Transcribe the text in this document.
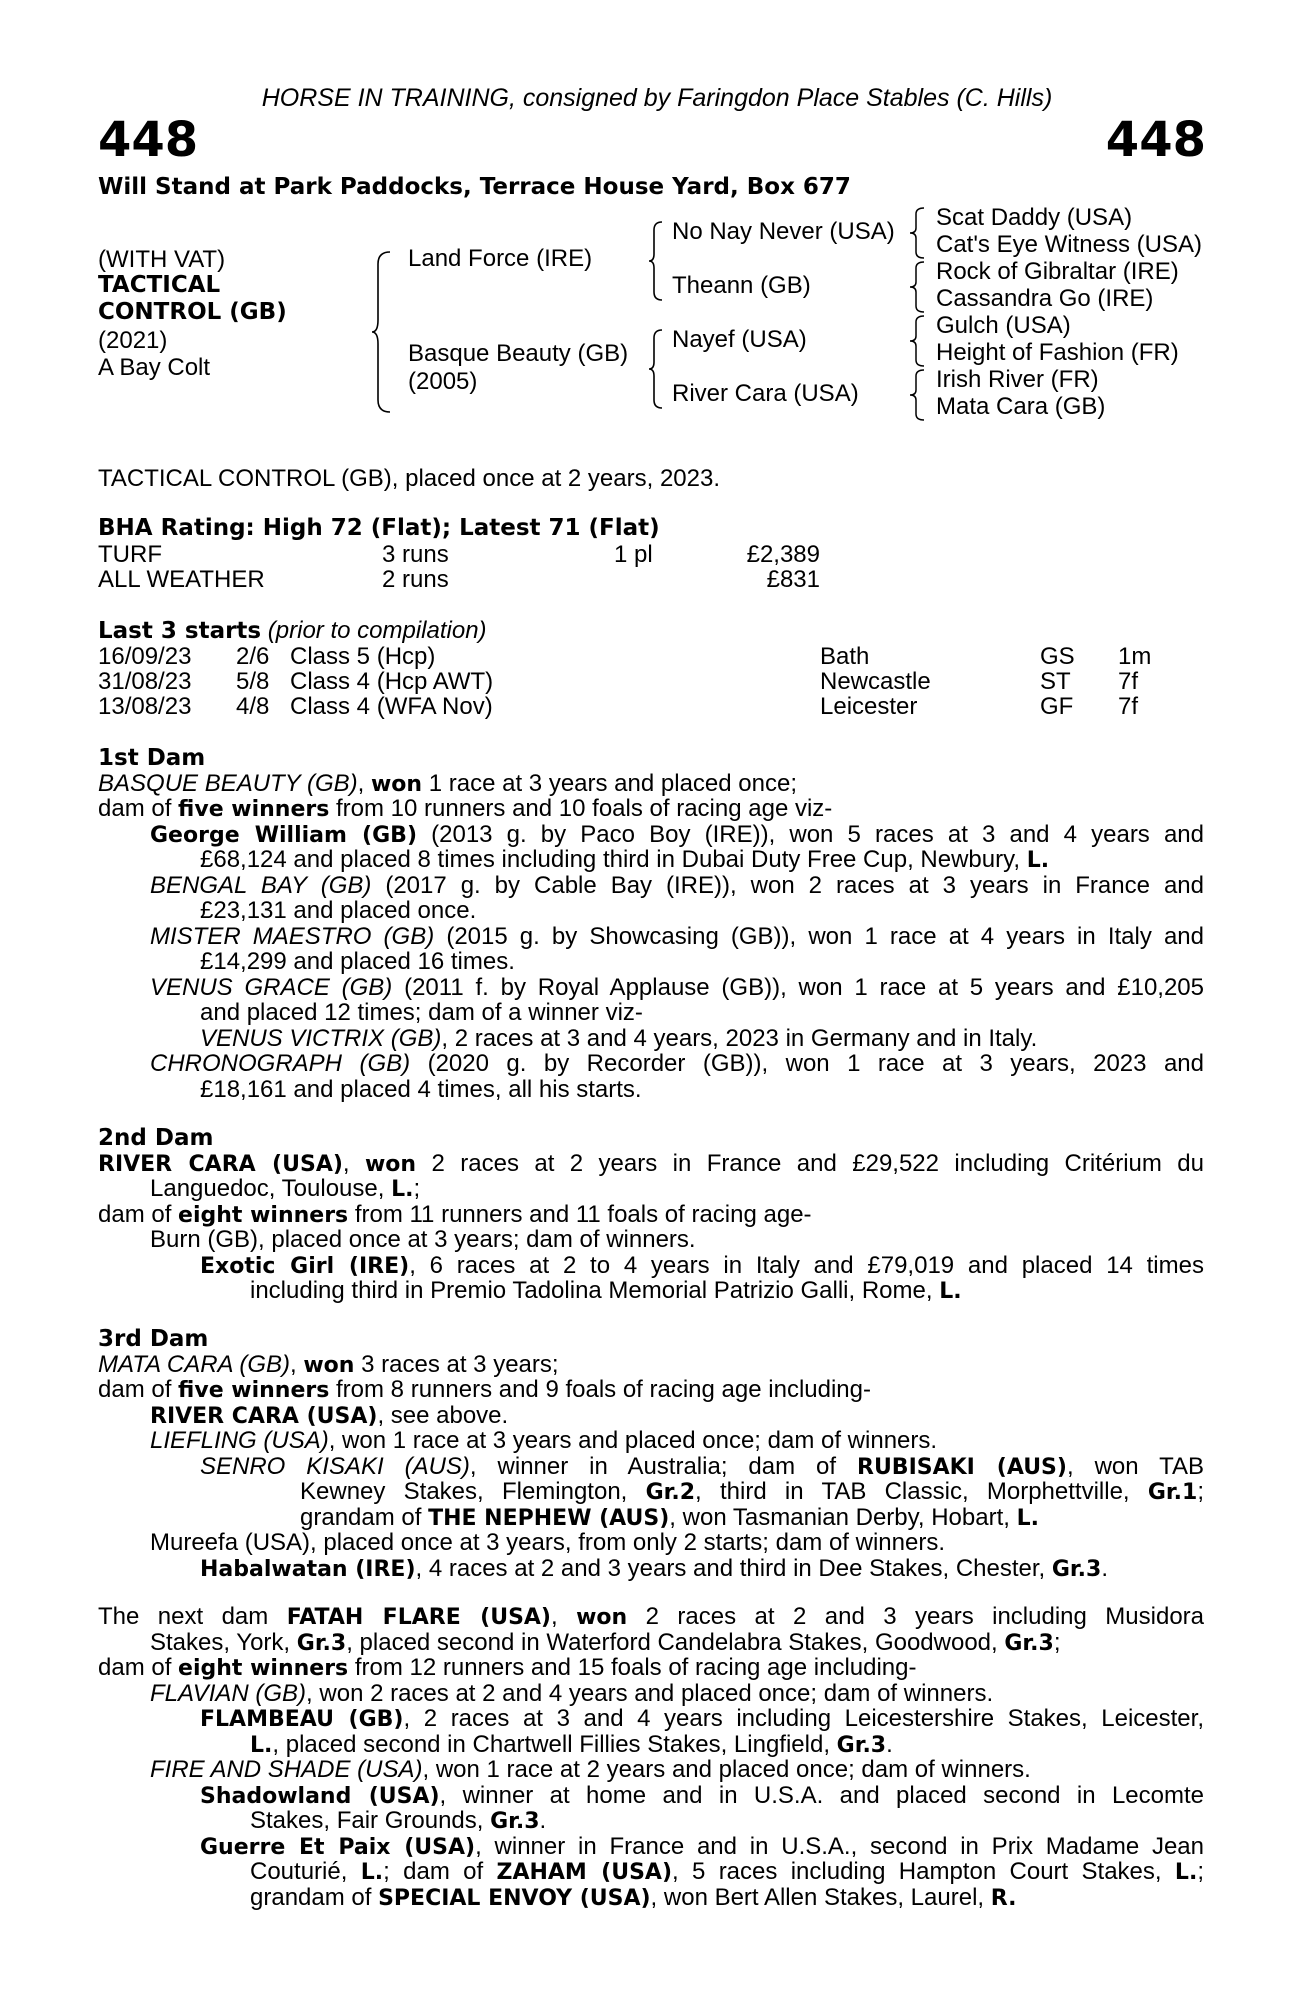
HORSE IN TRAINING, consigned by Faringdon Place Stables (C. Hills)
448	448
Will Stand at Park Paddocks, Terrace House Yard, Box 677
(WITH VAT)
TACTICAL
CONTROL (GB)
(2021)
A Bay Colt
Land Force (IRE)
Basque Beauty (GB)
(2005)
No Nay Never (USA)
Theann (GB)
Nayef (USA)
River Cara (USA)
Scat Daddy (USA)
Cat's Eye Witness (USA)
Rock of Gibraltar (IRE)
Cassandra Go (IRE)
Gulch (USA)
Height of Fashion (FR)
Irish River (FR)
Mata Cara (GB)
TACTICAL CONTROL (GB), placed once at 2 years, 2023.
BHA Rating: High 72 (Flat); Latest 71 (Flat)
TURF	3 runs	1 pl	£2,389
ALL WEATHER	2 runs	£831
Last 3 starts (prior to compilation)
16/09/23 2/6 Class 5 (Hcp)	Bath	GS 1m
31/08/23 5/8 Class 4 (Hcp AWT)	Newcastle	ST 7f
13/08/23 4/8 Class 4 (WFA Nov)	Leicester	GF 7f
1st Dam
BASQUE BEAUTY (GB), won 1 race at 3 years and placed once;
dam of five winners from 10 runners and 10 foals of racing age viz-
George William (GB) (2013 g. by Paco Boy (IRE)), won 5 races at 3 and 4 years and
£68,124 and placed 8 times including third in Dubai Duty Free Cup, Newbury, L.
BENGAL BAY (GB) (2017 g. by Cable Bay (IRE)), won 2 races at 3 years in France and
£23,131 and placed once.
MISTER MAESTRO (GB) (2015 g. by Showcasing (GB)), won 1 race at 4 years in Italy and
£14,299 and placed 16 times.
VENUS GRACE (GB) (2011 f. by Royal Applause (GB)), won 1 race at 5 years and £10,205
and placed 12 times; dam of a winner viz-
VENUS VICTRIX (GB), 2 races at 3 and 4 years, 2023 in Germany and in Italy.
CHRONOGRAPH (GB) (2020 g. by Recorder (GB)), won 1 race at 3 years, 2023 and
£18,161 and placed 4 times, all his starts.
2nd Dam
RIVER CARA (USA), won 2 races at 2 years in France and £29,522 including Critérium du
Languedoc, Toulouse, L.;
dam of eight winners from 11 runners and 11 foals of racing age-
Burn (GB), placed once at 3 years; dam of winners.
Exotic Girl (IRE), 6 races at 2 to 4 years in Italy and £79,019 and placed 14 times
including third in Premio Tadolina Memorial Patrizio Galli, Rome, L.
3rd Dam
MATA CARA (GB), won 3 races at 3 years;
dam of five winners from 8 runners and 9 foals of racing age including-
RIVER CARA (USA), see above.
LIEFLING (USA), won 1 race at 3 years and placed once; dam of winners.
SENRO KISAKI (AUS), winner in Australia; dam of RUBISAKI (AUS), won TAB
Kewney Stakes, Flemington, Gr.2, third in TAB Classic, Morphettville, Gr.1;
grandam of THE NEPHEW (AUS), won Tasmanian Derby, Hobart, L.
Mureefa (USA), placed once at 3 years, from only 2 starts; dam of winners.
Habalwatan (IRE), 4 races at 2 and 3 years and third in Dee Stakes, Chester, Gr.3.
The next dam FATAH FLARE (USA), won 2 races at 2 and 3 years including Musidora
Stakes, York, Gr.3, placed second in Waterford Candelabra Stakes, Goodwood, Gr.3;
dam of eight winners from 12 runners and 15 foals of racing age including-
FLAVIAN (GB), won 2 races at 2 and 4 years and placed once; dam of winners.
FLAMBEAU (GB), 2 races at 3 and 4 years including Leicestershire Stakes, Leicester,
L., placed second in Chartwell Fillies Stakes, Lingfield, Gr.3.
FIRE AND SHADE (USA), won 1 race at 2 years and placed once; dam of winners.
Shadowland (USA), winner at home and in U.S.A. and placed second in Lecomte
Stakes, Fair Grounds, Gr.3.
Guerre Et Paix (USA), winner in France and in U.S.A., second in Prix Madame Jean
Couturié, L.; dam of ZAHAM (USA), 5 races including Hampton Court Stakes, L.;
grandam of SPECIAL ENVOY (USA), won Bert Allen Stakes, Laurel, R.
